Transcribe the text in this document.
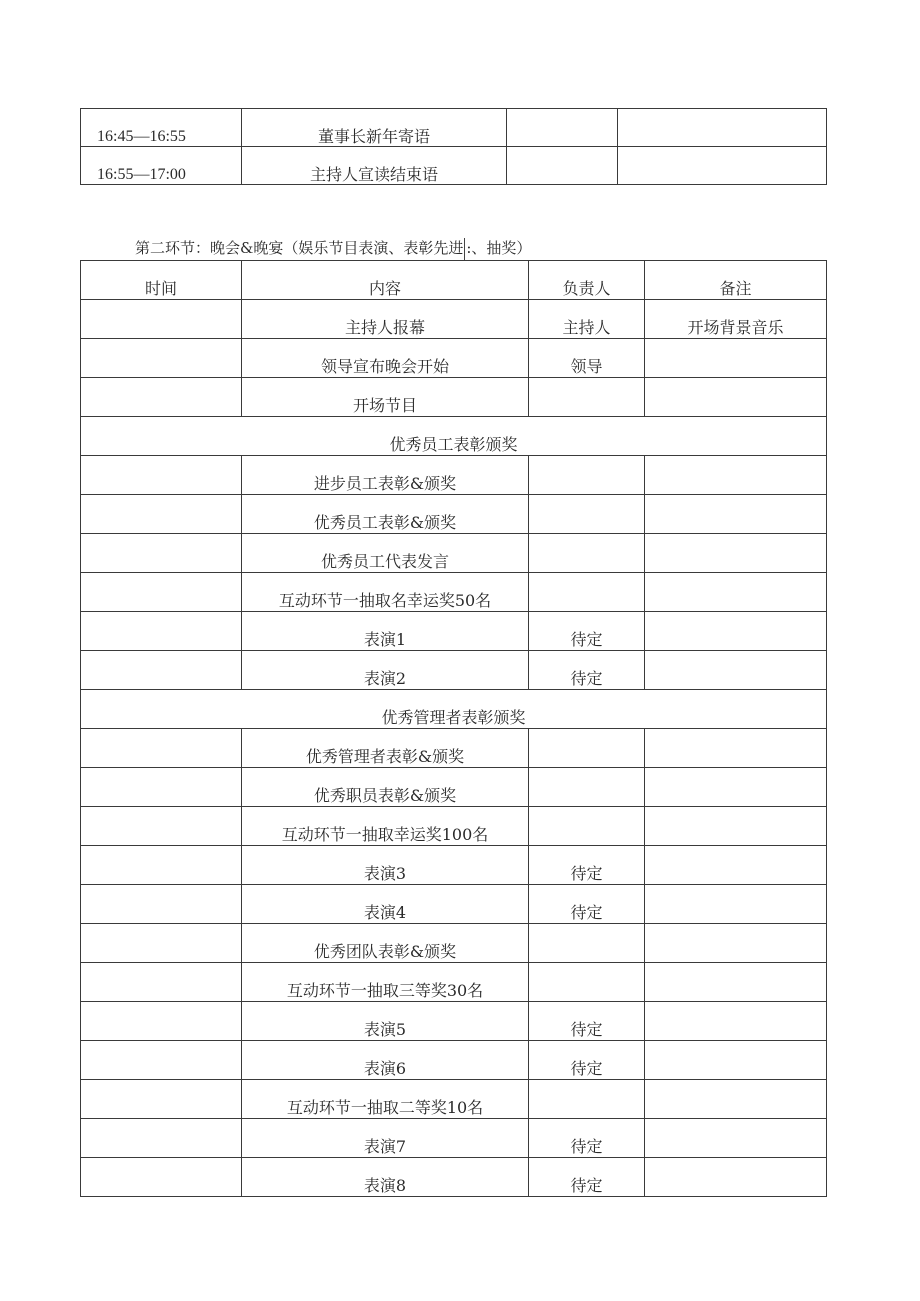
16:45—16:55	董事长新年寄语		
16:55—17:00	主持人宣读结束语		
第二环节：晚会&晚宴（娱乐节目表演、表彰先进 :、抽奖）
时间	内容	负责人	备注
	主持人报幕	主持人	开场背景音乐
	领导宣布晚会开始	领导	
	开场节目		
优秀员工表彰颁奖			
	进步员工表彰&颁奖		
	优秀员工表彰&颁奖		
	优秀员工代表发言		
	互动环节一抽取名幸运奖50名		
	表演1	待定	
	表演2	待定	
优秀管理者表彰颁奖			
	优秀管理者表彰&颁奖		
	优秀职员表彰&颁奖		
	互动环节一抽取幸运奖100名		
	表演3	待定	
	表演4	待定	
	优秀团队表彰&颁奖		
	互动环节一抽取三等奖30名		
	表演5	待定	
	表演6	待定	
	互动环节一抽取二等奖10名		
	表演7	待定	
	表演8	待定	
